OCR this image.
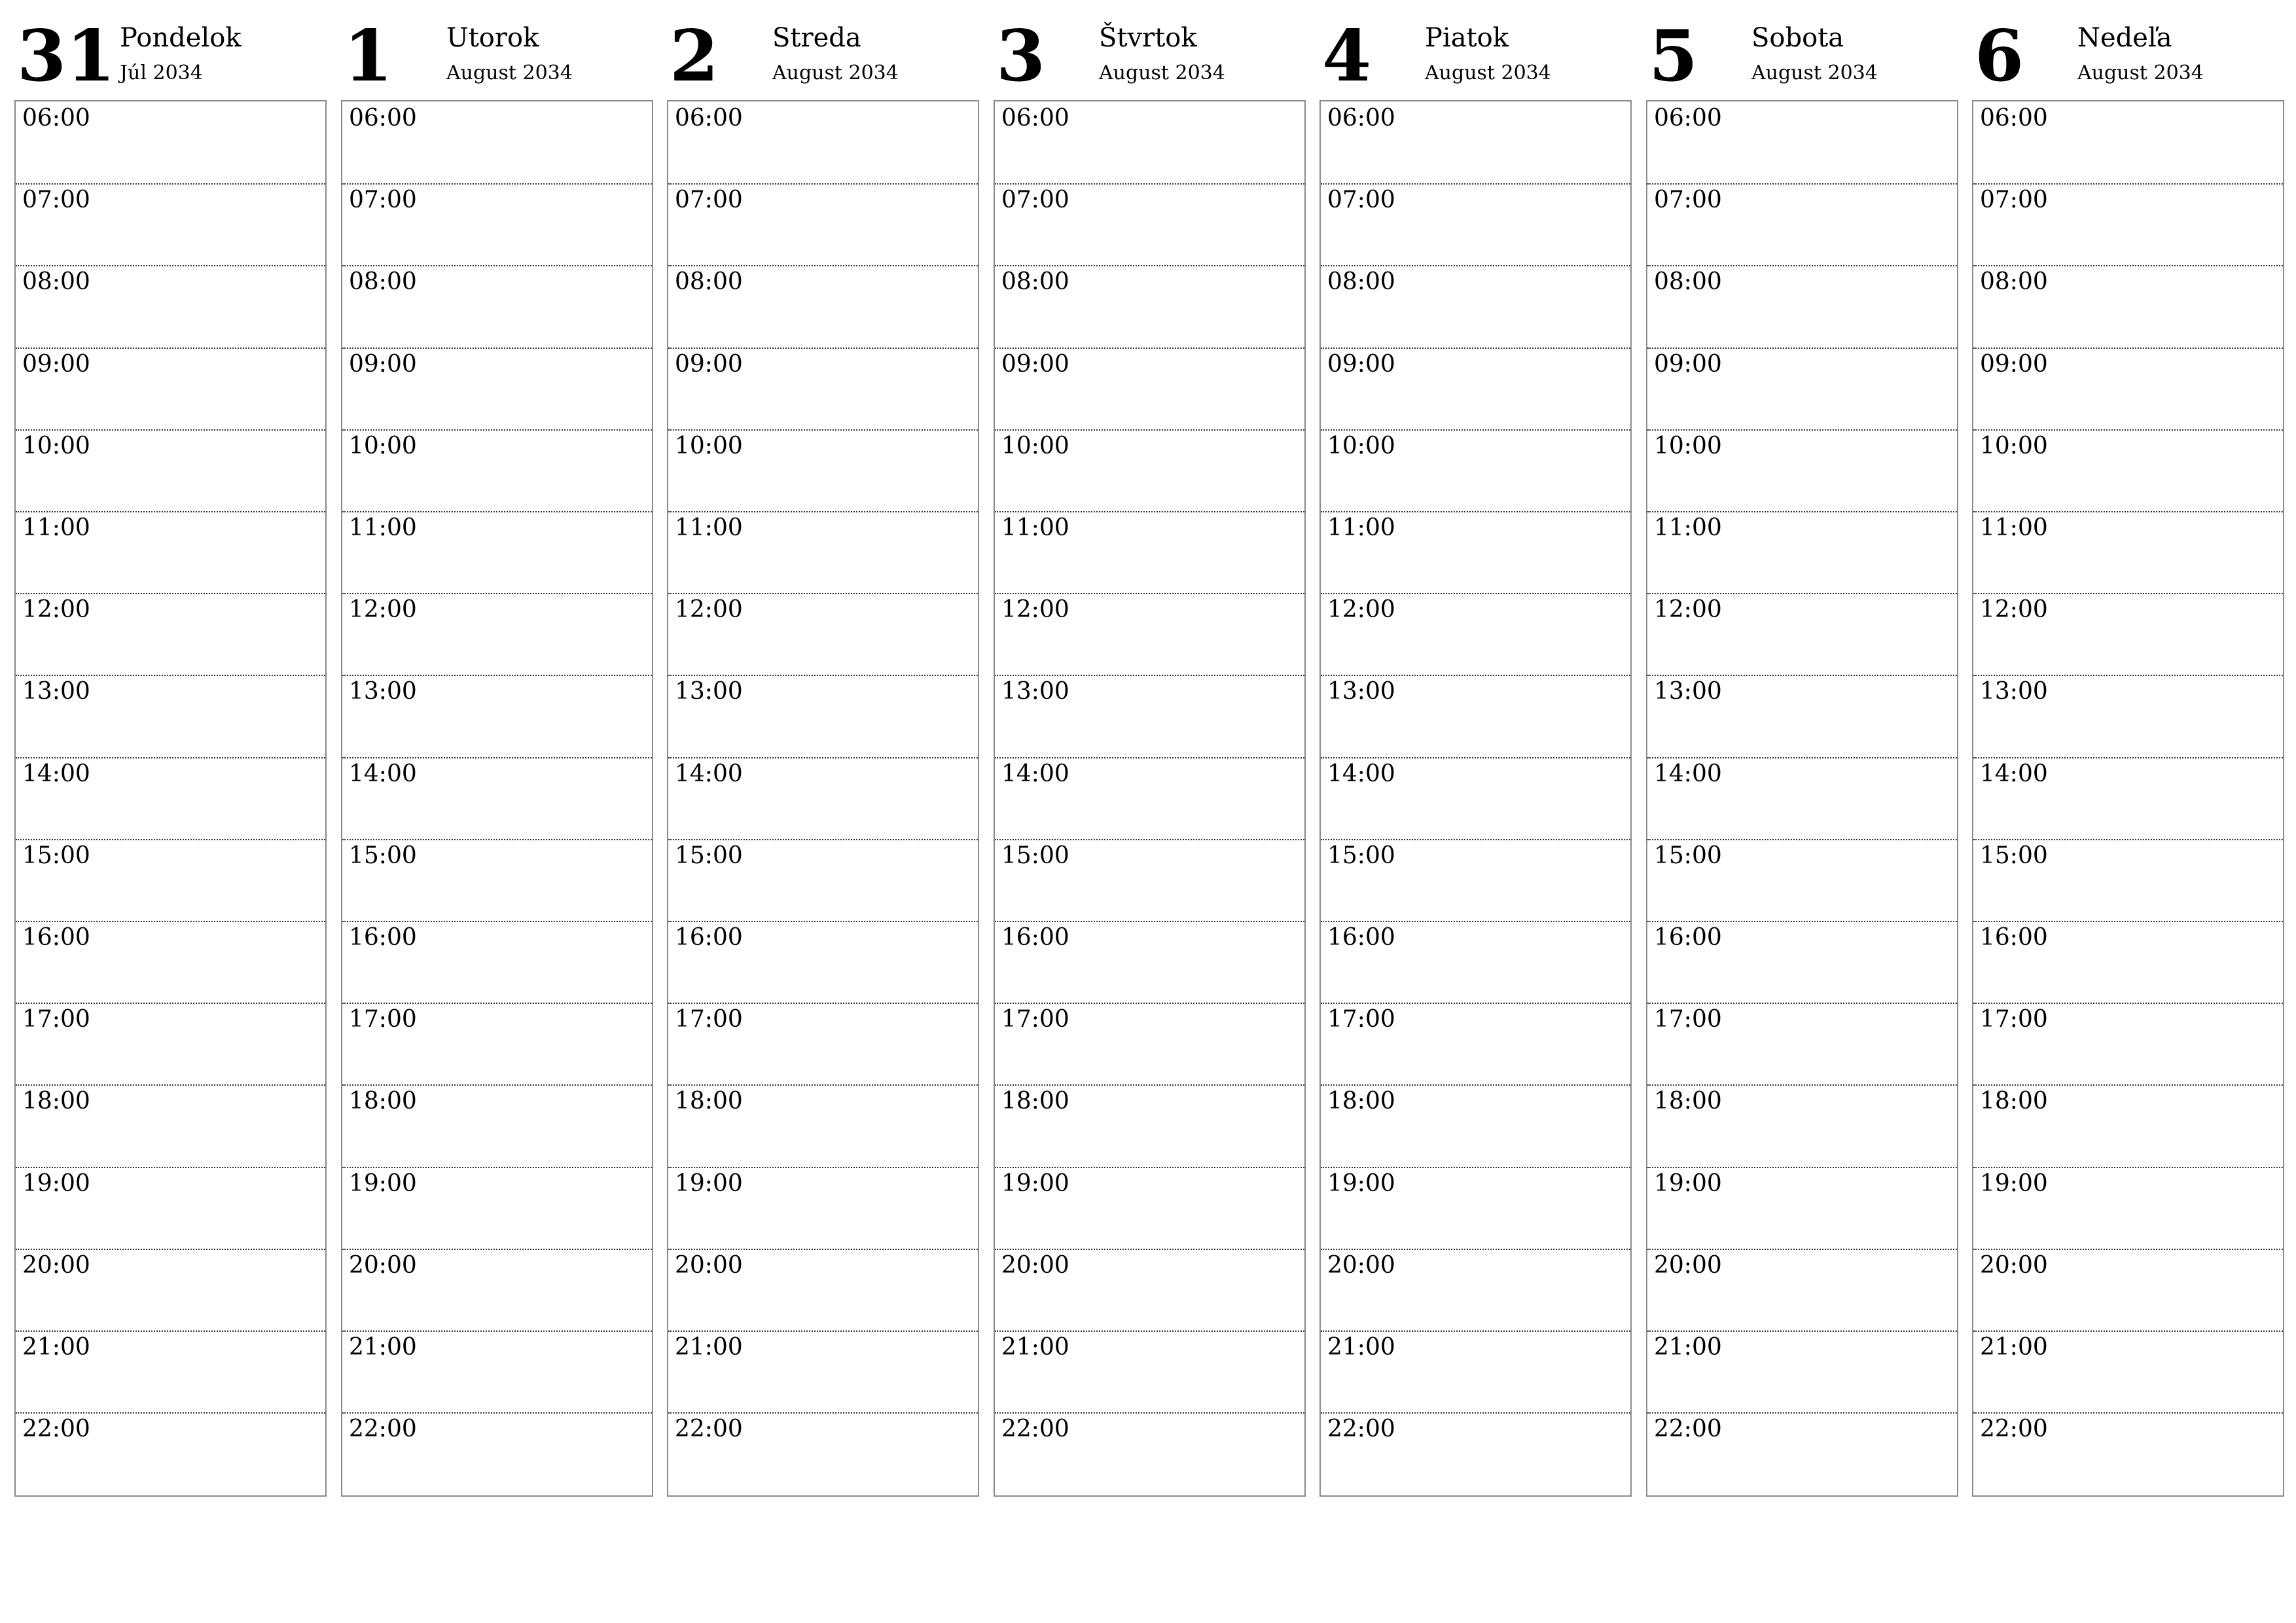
31 Pondelok
Júl 2034
06:00
07:00
08:00
09:00
10:00
11:00
12:00
13:00
14:00
15:00
16:00
17:00
18:00
19:00
20:00
21:00
22:00
1 Utorok
August 2034
06:00
07:00
08:00
09:00
10:00
11:00
12:00
13:00
14:00
15:00
16:00
17:00
18:00
19:00
20:00
21:00
22:00
2 Streda
August 2034
06:00
07:00
08:00
09:00
10:00
11:00
12:00
13:00
14:00
15:00
16:00
17:00
18:00
19:00
20:00
21:00
22:00
3 Štvrtok
August 2034
06:00
07:00
08:00
09:00
10:00
11:00
12:00
13:00
14:00
15:00
16:00
17:00
18:00
19:00
20:00
21:00
22:00
4 Piatok
August 2034
06:00
07:00
08:00
09:00
10:00
11:00
12:00
13:00
14:00
15:00
16:00
17:00
18:00
19:00
20:00
21:00
22:00
5 Sobota
August 2034
06:00
07:00
08:00
09:00
10:00
11:00
12:00
13:00
14:00
15:00
16:00
17:00
18:00
19:00
20:00
21:00
22:00
6 Nedeľa
August 2034
06:00
07:00
08:00
09:00
10:00
11:00
12:00
13:00
14:00
15:00
16:00
17:00
18:00
19:00
20:00
21:00
22:00
